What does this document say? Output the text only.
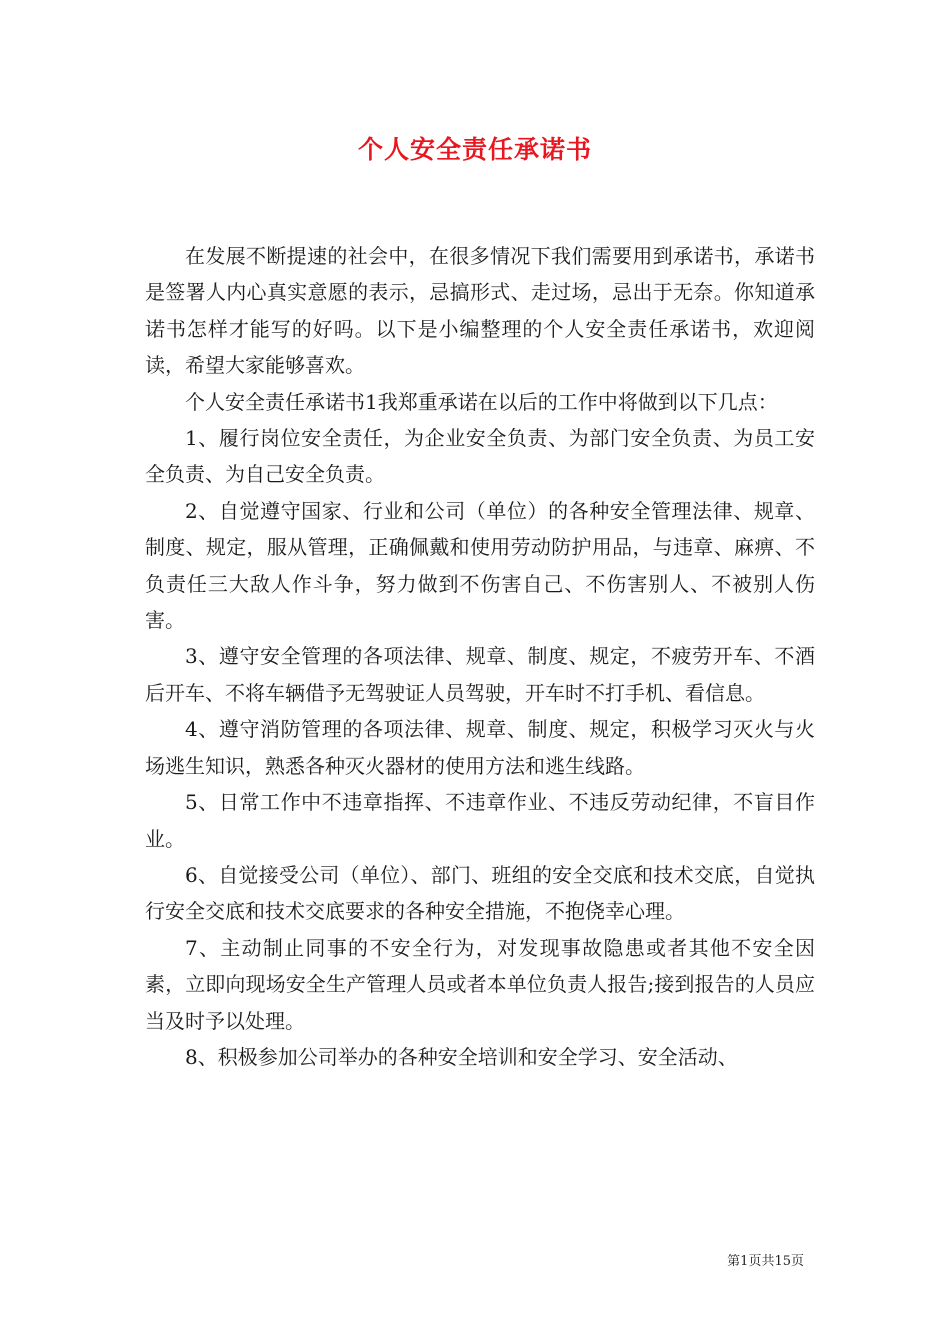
个人安全责任承诺书

在发展不断提速的社会中，在很多情况下我们需要用到承诺书，承诺书是签署人内心真实意愿的表示，忌搞形式、走过场，忌出于无奈。你知道承诺书怎样才能写的好吗。以下是小编整理的个人安全责任承诺书，欢迎阅读，希望大家能够喜欢。

个人安全责任承诺书1我郑重承诺在以后的工作中将做到以下几点：

1、履行岗位安全责任，为企业安全负责、为部门安全负责、为员工安全负责、为自己安全负责。

2、自觉遵守国家、行业和公司（单位）的各种安全管理法律、规章、制度、规定，服从管理，正确佩戴和使用劳动防护用品，与违章、麻痹、不负责任三大敌人作斗争，努力做到不伤害自己、不伤害别人、不被别人伤害。

3、遵守安全管理的各项法律、规章、制度、规定，不疲劳开车、不酒后开车、不将车辆借予无驾驶证人员驾驶，开车时不打手机、看信息。

4、遵守消防管理的各项法律、规章、制度、规定，积极学习灭火与火场逃生知识，熟悉各种灭火器材的使用方法和逃生线路。

5、日常工作中不违章指挥、不违章作业、不违反劳动纪律，不盲目作业。

6、自觉接受公司（单位）、部门、班组的安全交底和技术交底，自觉执行安全交底和技术交底要求的各种安全措施，不抱侥幸心理。

7、主动制止同事的不安全行为，对发现事故隐患或者其他不安全因素，立即向现场安全生产管理人员或者本单位负责人报告;接到报告的人员应当及时予以处理。

8、积极参加公司举办的各种安全培训和安全学习、安全活动、

第1页共15页
